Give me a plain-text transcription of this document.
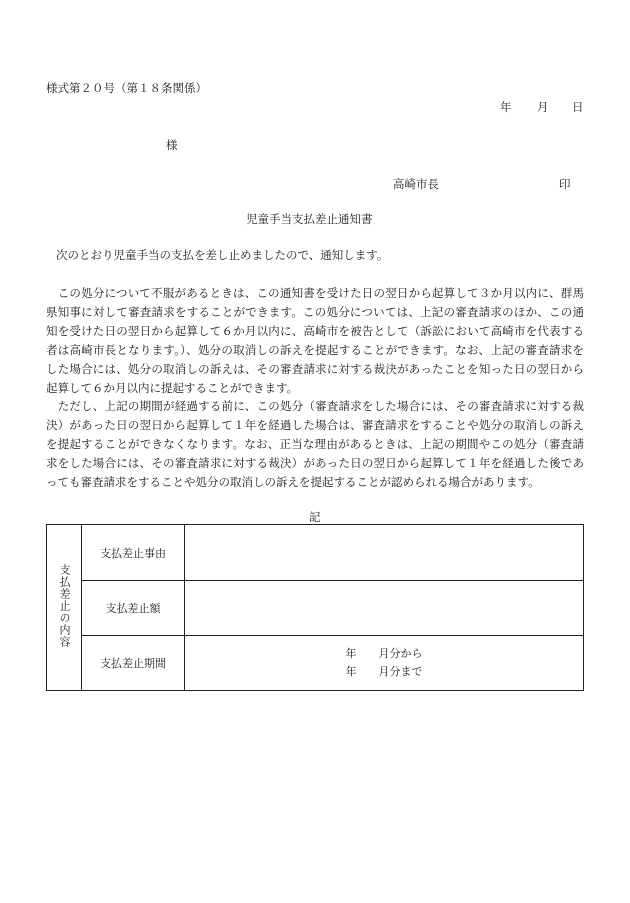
様式第２０号（第１８条関係）
年 月 日
様
高崎市長	印
児童手当支払差止通知書
次のとおり児童手当の支払を差し止めましたので、通知します。
　この処分について不服があるときは、この通知書を受けた日の翌日から起算して３か月以内に、群馬県知事に対して審査請求をすることができます。この処分については、上記の審査請求のほか、この通知を受けた日の翌日から起算して６か月以内に、高崎市を被告として（訴訟において高崎市を代表する者は高崎市長となります。）、処分の取消しの訴えを提起することができます。なお、上記の審査請求をした場合には、処分の取消しの訴えは、その審査請求に対する裁決があったことを知った日の翌日から起算して６か月以内に提起することができます。
　ただし、上記の期間が経過する前に、この処分（審査請求をした場合には、その審査請求に対する裁決）があった日の翌日から起算して１年を経過した場合は、審査請求をすることや処分の取消しの訴えを提起することができなくなります。なお、正当な理由があるときは、上記の期間やこの処分（審査請求をした場合には、その審査請求に対する裁決）があった日の翌日から起算して１年を経過した後であっても審査請求をすることや処分の取消しの訴えを提起することが認められる場合があります。
記
支払差止の内容	支払差止事由	
	支払差止額	
	支払差止期間	年　　月分から
年　　月分まで
